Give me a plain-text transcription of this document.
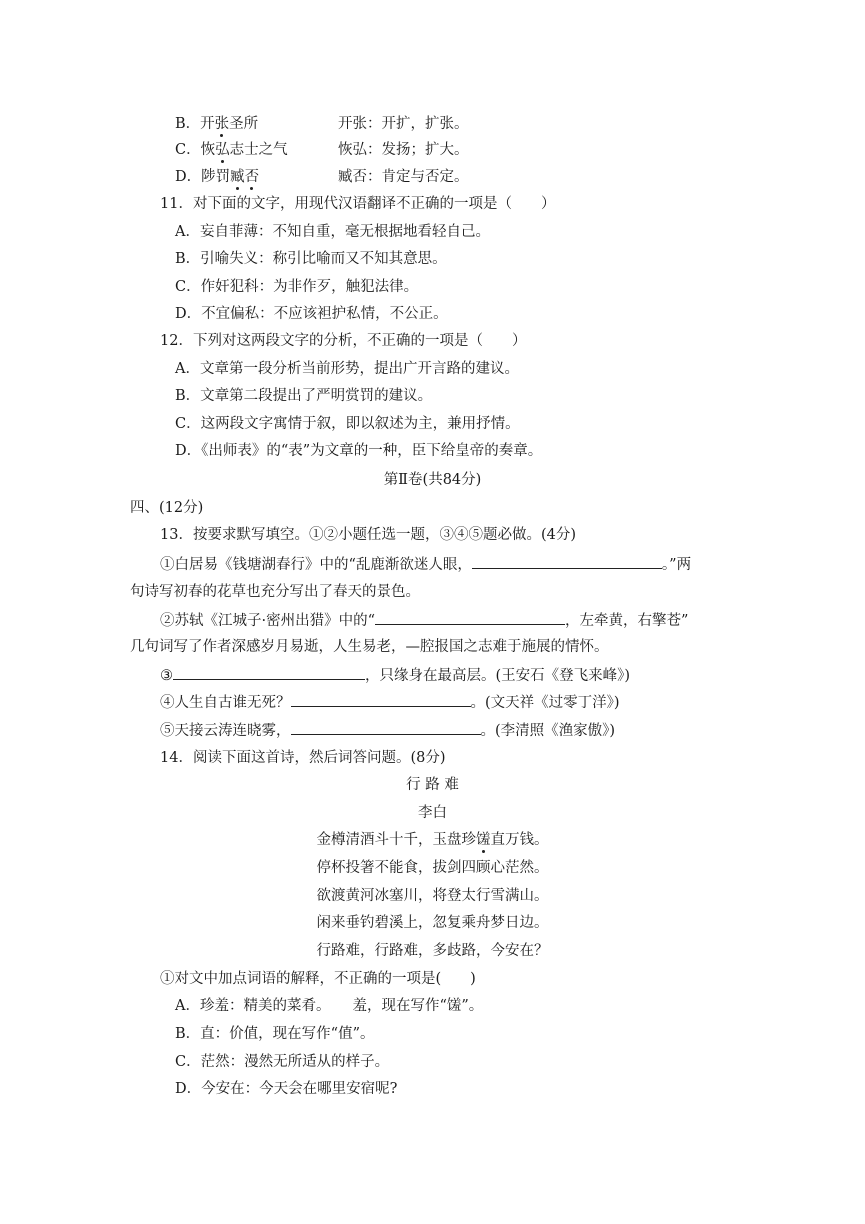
B．开张圣所	开张：开扩，扩张。
C．恢弘志士之气	恢弘：发扬；扩大。
D．陟罚臧否	臧否：肯定与否定。
11．对下面的文字，用现代汉语翻译不正确的一项是（　　）
A．妄自菲薄：不知自重，毫无根据地看轻自己。
B．引喻失义：称引比喻而又不知其意思。
C．作奸犯科：为非作歹，触犯法律。
D．不宜偏私：不应该袒护私情，不公正。
12．下列对这两段文字的分析，不正确的一项是（　　）
A．文章第一段分析当前形势，提出广开言路的建议。
B．文章第二段提出了严明赏罚的建议。
C．这两段文字寓情于叙，即以叙述为主，兼用抒情。
D．《出师表》的“表”为文章的一种，臣下给皇帝的奏章。
第Ⅱ卷(共84分)
四、(12分)
13．按要求默写填空。①②小题任选一题，③④⑤题必做。(4分)
①白居易《钱塘湖春行》中的“乱鹿渐欲迷人眼，	。”两
句诗写初春的花草也充分写出了春天的景色。
②苏轼《江城子·密州出猎》中的“	，左牵黄，右擎苍”
几句词写了作者深感岁月易逝，人生易老，—腔报国之志难于施展的情怀。
③	，只缘身在最高层。(王安石《登飞来峰》)
④人生自古谁无死？	。(文天祥《过零丁洋》)
⑤天接云涛连晓雾，	。(李清照《渔家傲》)
14．阅读下面这首诗，然后词答问题。(8分)
行 路 难
李白
金樽清酒斗十千，玉盘珍馐直万钱。
停杯投箸不能食，拔剑四顾心茫然。
欲渡黄河冰塞川，将登太行雪满山。
闲来垂钓碧溪上，忽复乘舟梦日边。
行路难，行路难，多歧路，今安在？
①对文中加点词语的解释，不正确的一项是(　　)
A．珍羞：精美的菜肴。 羞，现在写作“馐”。
B．直：价值，现在写作“值”。
C．茫然：漫然无所适从的样子。
D．今安在：今天会在哪里安宿呢?
